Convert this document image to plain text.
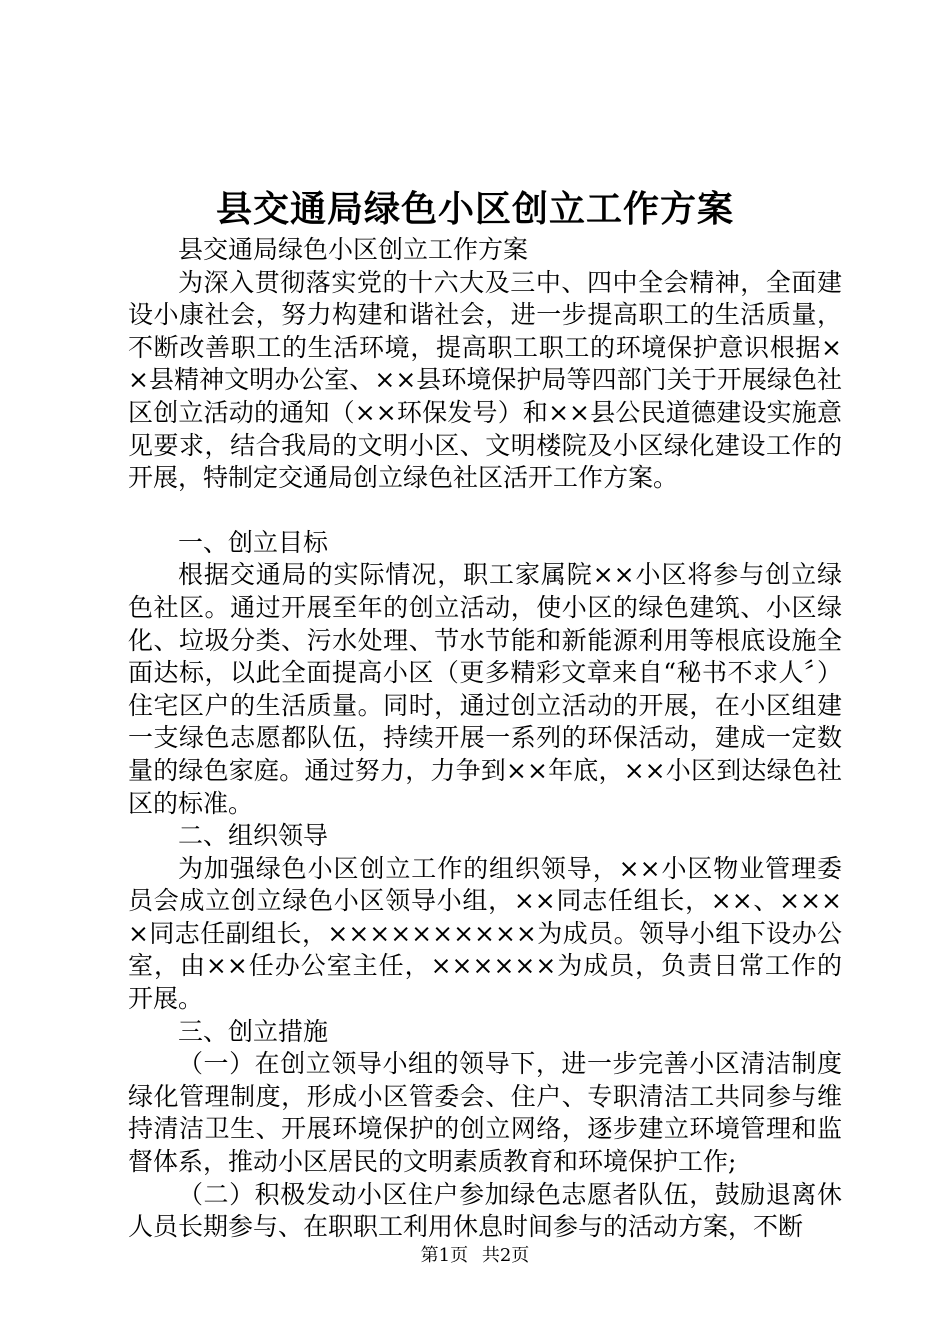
县交通局绿色小区创立工作方案

县交通局绿色小区创立工作方案

为深入贯彻落实党的十六大及三中、四中全会精神，全面建设小康社会，努力构建和谐社会，进一步提高职工的生活质量，不断改善职工的生活环境，提高职工职工的环境保护意识根据××县精神文明办公室、××县环境保护局等四部门关于开展绿色社区创立活动的通知（××环保发号）和××县公民道德建设实施意见要求，结合我局的文明小区、文明楼院及小区绿化建设工作的开展，特制定交通局创立绿色社区活开工作方案。

一、创立目标

根据交通局的实际情况，职工家属院××小区将参与创立绿色社区。通过开展至年的创立活动，使小区的绿色建筑、小区绿化、垃圾分类、污水处理、节水节能和新能源利用等根底设施全面达标，以此全面提高小区（更多精彩文章来自“秘书不求人〞）住宅区户的生活质量。同时，通过创立活动的开展，在小区组建一支绿色志愿都队伍，持续开展一系列的环保活动，建成一定数量的绿色家庭。通过努力，力争到××年底，××小区到达绿色社区的标准。

二、组织领导

为加强绿色小区创立工作的组织领导，××小区物业管理委员会成立创立绿色小区领导小组，××同志任组长，××、××××同志任副组长，××××××××××为成员。领导小组下设办公室，由××任办公室主任，××××××为成员，负责日常工作的开展。

三、创立措施

（一）在创立领导小组的领导下，进一步完善小区清洁制度绿化管理制度，形成小区管委会、住户、专职清洁工共同参与维持清洁卫生、开展环境保护的创立网络，逐步建立环境管理和监督体系，推动小区居民的文明素质教育和环境保护工作;

（二）积极发动小区住户参加绿色志愿者队伍，鼓励退离休人员长期参与、在职职工利用休息时间参与的活动方案，不断

第1页 共2页
